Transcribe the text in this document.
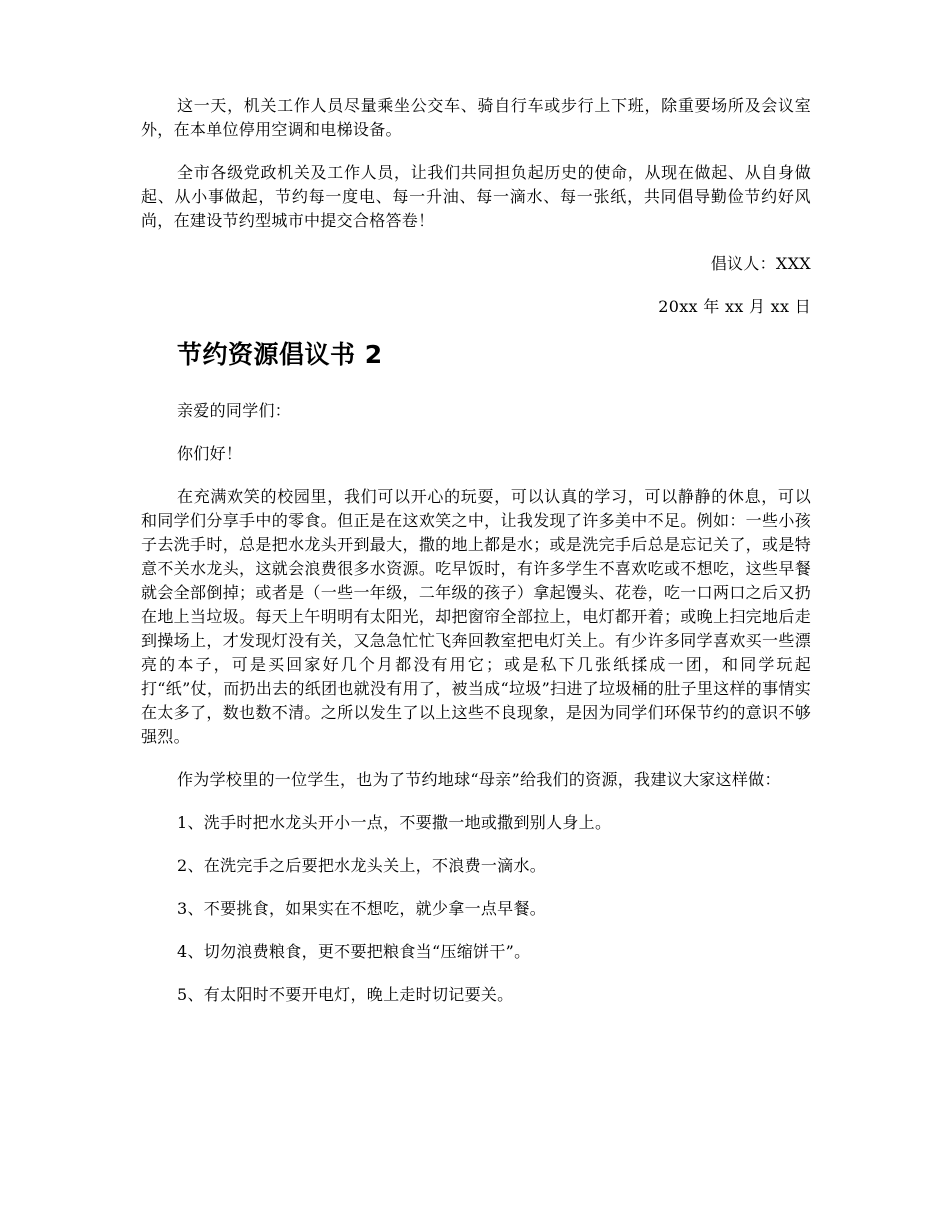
这一天，机关工作人员尽量乘坐公交车、骑自行车或步行上下班，除重要场所及会议室外，在本单位停用空调和电梯设备。

全市各级党政机关及工作人员，让我们共同担负起历史的使命，从现在做起、从自身做起、从小事做起，节约每一度电、每一升油、每一滴水、每一张纸，共同倡导勤俭节约好风尚，在建设节约型城市中提交合格答卷！

倡议人：XXX

20xx 年 xx 月 xx 日

节约资源倡议书 2

亲爱的同学们：

你们好！

在充满欢笑的校园里，我们可以开心的玩耍，可以认真的学习，可以静静的休息，可以和同学们分享手中的零食。但正是在这欢笑之中，让我发现了许多美中不足。例如：一些小孩子去洗手时，总是把水龙头开到最大，撒的地上都是水；或是洗完手后总是忘记关了，或是特意不关水龙头，这就会浪费很多水资源。吃早饭时，有许多学生不喜欢吃或不想吃，这些早餐就会全部倒掉；或者是（一些一年级，二年级的孩子）拿起馒头、花卷，吃一口两口之后又扔在地上当垃圾。每天上午明明有太阳光，却把窗帘全部拉上，电灯都开着；或晚上扫完地后走到操场上，才发现灯没有关，又急急忙忙飞奔回教室把电灯关上。有少许多同学喜欢买一些漂亮的本子，可是买回家好几个月都没有用它；或是私下几张纸揉成一团，和同学玩起打“纸”仗，而扔出去的纸团也就没有用了，被当成“垃圾”扫进了垃圾桶的肚子里这样的事情实在太多了，数也数不清。之所以发生了以上这些不良现象，是因为同学们环保节约的意识不够强烈。

作为学校里的一位学生，也为了节约地球“母亲”给我们的资源，我建议大家这样做：

1、洗手时把水龙头开小一点，不要撒一地或撒到别人身上。

2、在洗完手之后要把水龙头关上，不浪费一滴水。

3、不要挑食，如果实在不想吃，就少拿一点早餐。

4、切勿浪费粮食，更不要把粮食当“压缩饼干”。

5、有太阳时不要开电灯，晚上走时切记要关。
